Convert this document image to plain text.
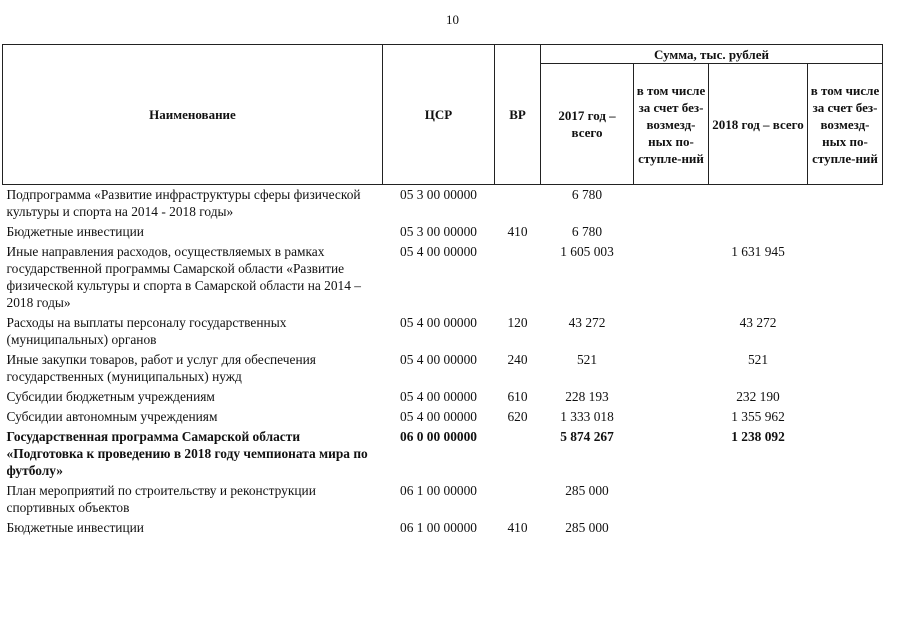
10
Наименование	ЦСР	ВР	Сумма, тыс. рублей			
			2017 год – всего	в том числе за счет без-возмезд-ных по-ступле-ний	2018 год – всего	в том числе за счет без-возмезд-ных по-ступле-ний
Подпрограмма «Развитие инфраструктуры сферы физической культуры и спорта на 2014 - 2018 годы»	05 3 00 00000		6 780			
Бюджетные инвестиции	05 3 00 00000	410	6 780			
Иные направления расходов, осуществляемых в рамках государственной программы Самарской области «Развитие физической культуры и спорта в Самарской области на 2014 – 2018 годы»	05 4 00 00000		1 605 003		1 631 945	
Расходы на выплаты персоналу государственных (муниципальных) органов	05 4 00 00000	120	43 272		43 272	
Иные закупки товаров, работ и услуг для обеспечения государственных (муниципальных) нужд	05 4 00 00000	240	521		521	
Субсидии бюджетным учреждениям	05 4 00 00000	610	228 193		232 190	
Субсидии автономным учреждениям	05 4 00 00000	620	1 333 018		1 355 962	
Государственная программа Самарской области «Подготовка к проведению в 2018 году чемпионата мира по футболу»	06 0 00 00000		5 874 267		1 238 092	
План мероприятий по строительству и реконструкции спортивных объектов	06 1 00 00000		285 000			
Бюджетные инвестиции	06 1 00 00000	410	285 000			
